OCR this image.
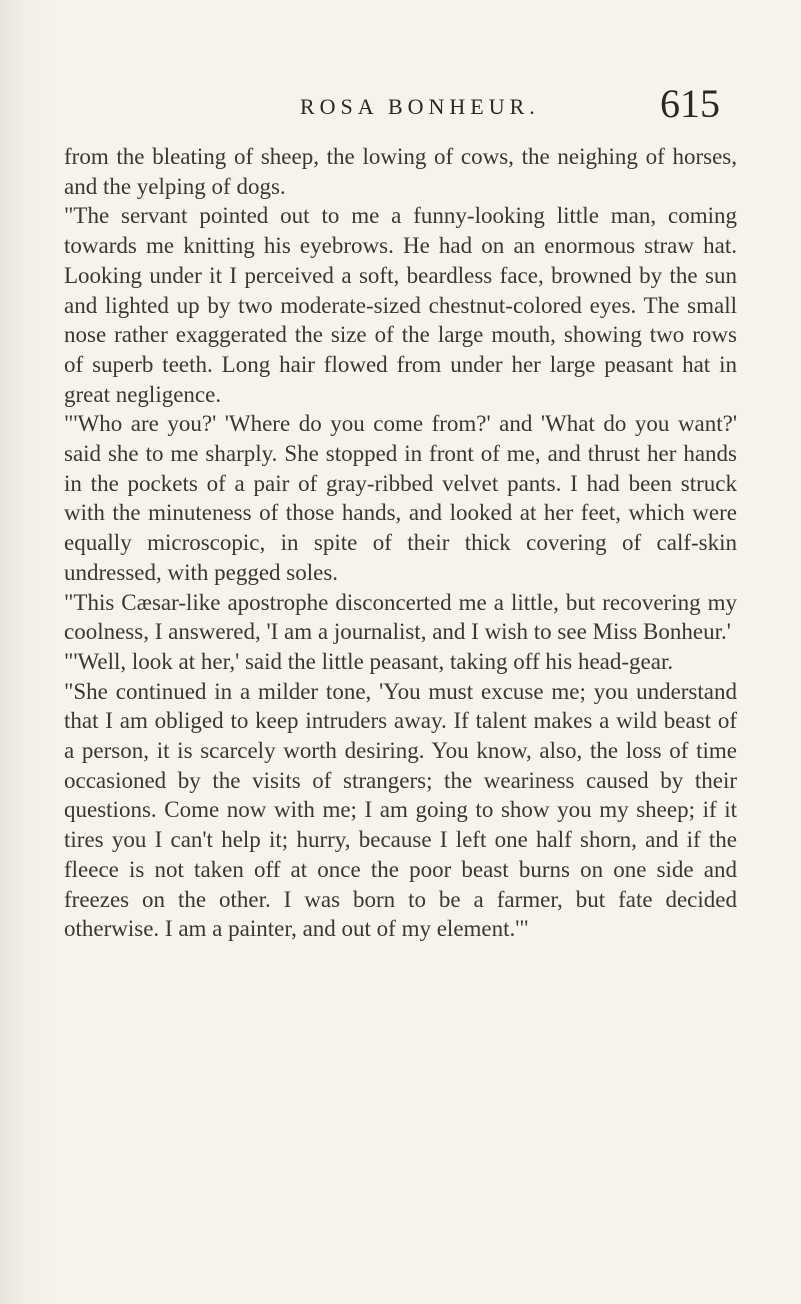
ROSA BONHEUR.	615

from the bleating of sheep, the lowing of cows, the neighing of horses, and the yelping of dogs.

"The servant pointed out to me a funny-looking little man, coming towards me knitting his eyebrows. He had on an enormous straw hat. Looking under it I perceived a soft, beardless face, browned by the sun and lighted up by two moderate-sized chestnut-colored eyes. The small nose rather exaggerated the size of the large mouth, showing two rows of superb teeth. Long hair flowed from under her large peasant hat in great negligence.

"'Who are you?' 'Where do you come from?' and 'What do you want?' said she to me sharply. She stopped in front of me, and thrust her hands in the pockets of a pair of gray-ribbed velvet pants. I had been struck with the minuteness of those hands, and looked at her feet, which were equally microscopic, in spite of their thick covering of calf-skin undressed, with pegged soles.

"This Cæsar-like apostrophe disconcerted me a little, but recovering my coolness, I answered, 'I am a journalist, and I wish to see Miss Bonheur.'

"'Well, look at her,' said the little peasant, taking off his head-gear.

"She continued in a milder tone, 'You must excuse me; you understand that I am obliged to keep intruders away. If talent makes a wild beast of a person, it is scarcely worth desiring. You know, also, the loss of time occasioned by the visits of strangers; the weariness caused by their questions. Come now with me; I am going to show you my sheep; if it tires you I can't help it; hurry, because I left one half shorn, and if the fleece is not taken off at once the poor beast burns on one side and freezes on the other. I was born to be a farmer, but fate decided otherwise. I am a painter, and out of my element.'"
